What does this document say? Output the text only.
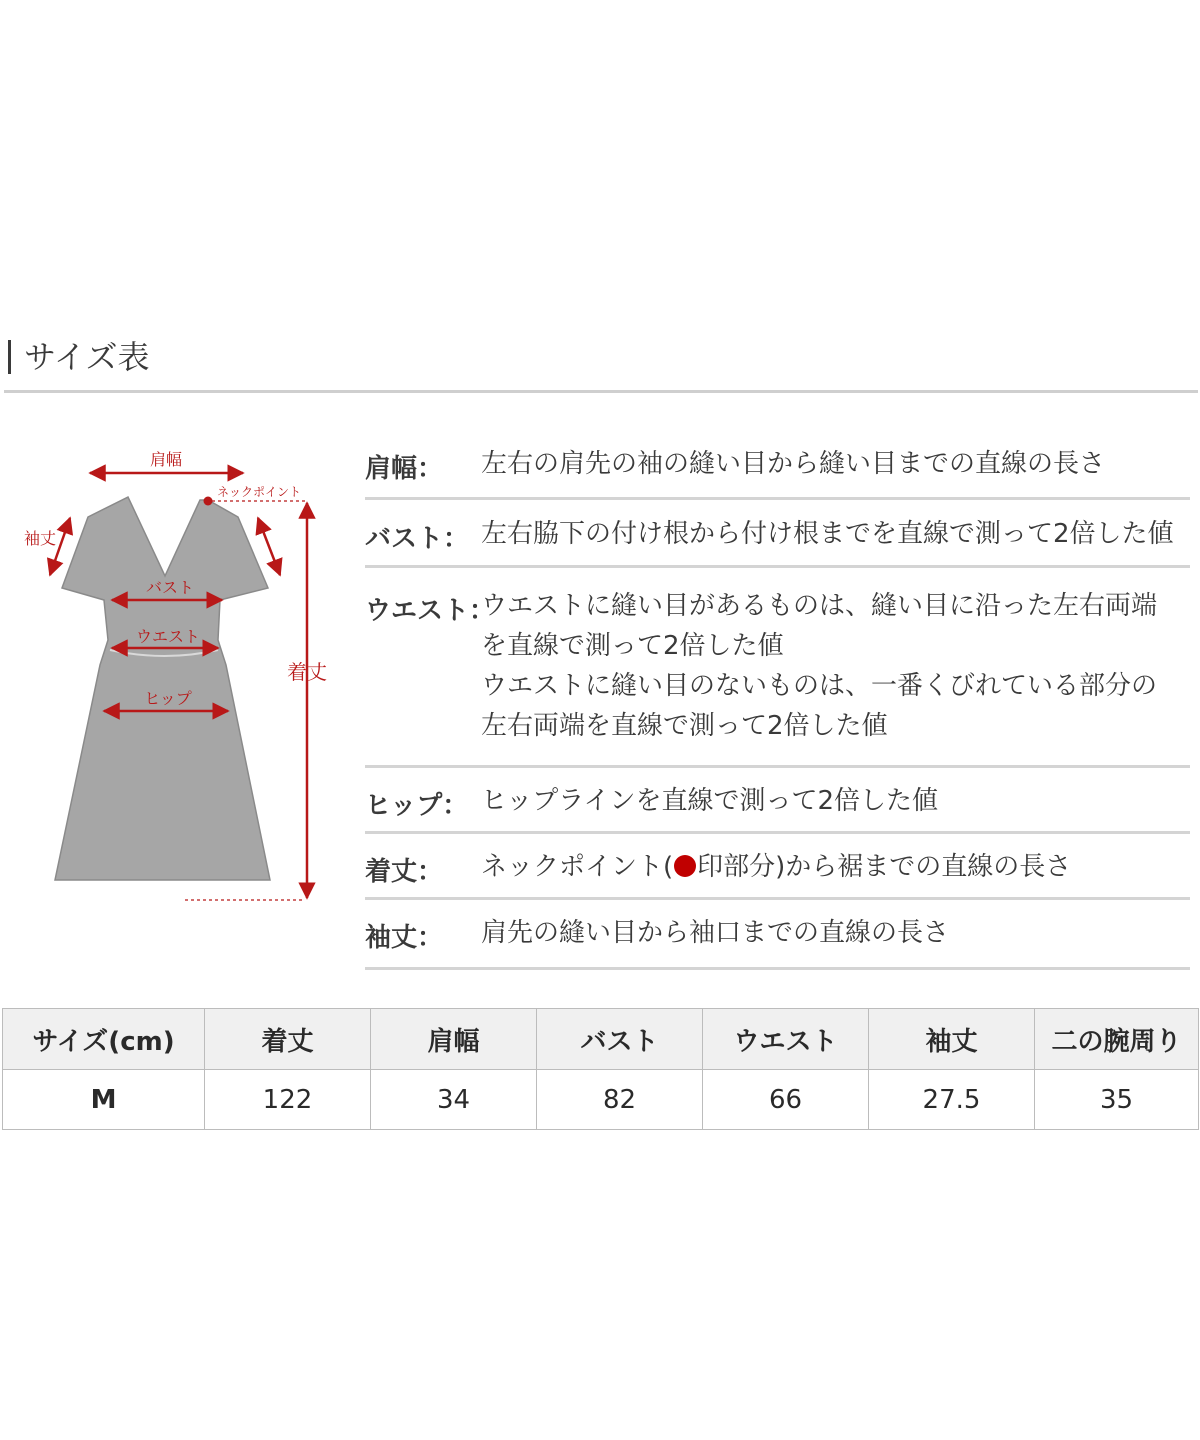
サイズ表
肩幅
ネックポイント
袖丈
バスト
ウエスト
ヒップ
着丈
肩幅： 左右の肩先の袖の縫い目から縫い目までの直線の長さ
バスト： 左右脇下の付け根から付け根までを直線で測って2倍した値
ウエスト：
ウエストに縫い目があるものは、縫い目に沿った左右両端
を直線で測って2倍した値
ウエストに縫い目のないものは、一番くびれている部分の
左右両端を直線で測って2倍した値
ヒップ： ヒップラインを直線で測って2倍した値
着丈： ネックポイント( 印部分)から裾までの直線の長さ
袖丈： 肩先の縫い目から袖口までの直線の長さ
サイズ(cm)	着丈	肩幅	バスト	ウエスト	袖丈	二の腕周り
M	122	34	82	66	27.5	35
